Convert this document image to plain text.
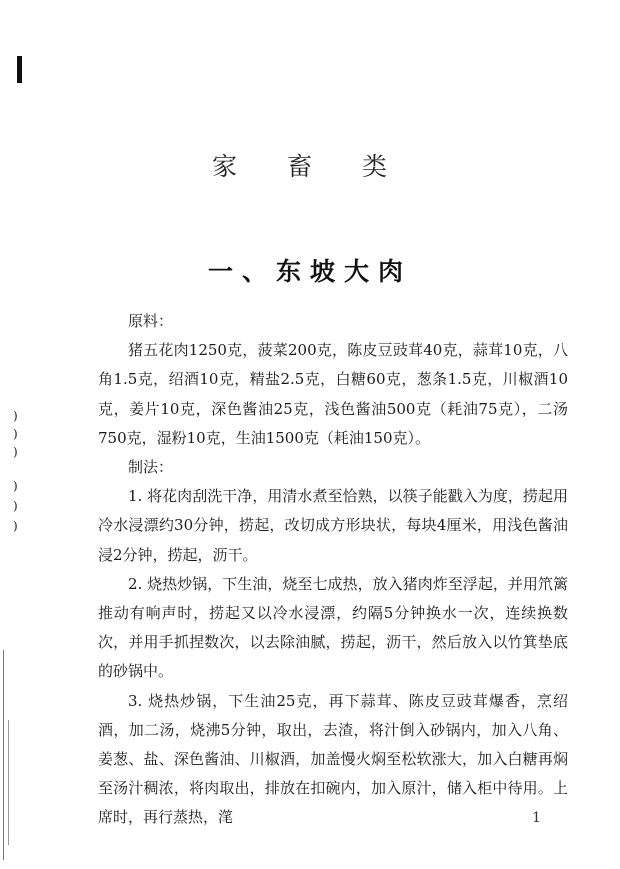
)
)
)
)
)
)
家 畜 类
一、东坡大肉

原料：

猪五花肉1250克，菠菜200克，陈皮豆豉茸40克，蒜茸10克，八角1.5克，绍酒10克，精盐2.5克，白糖60克，葱条1.5克，川椒酒10克，姜片10克，深色酱油25克，浅色酱油500克（耗油75克），二汤750克，湿粉10克，生油1500克（耗油150克）。

制法：

1. 将花肉刮洗干净，用清水煮至恰熟，以筷子能戳入为度，捞起用冷水浸漂约30分钟，捞起，改切成方形块状，每块4厘米，用浅色酱油浸2分钟，捞起，沥干。

2. 烧热炒锅，下生油，烧至七成热，放入猪肉炸至浮起，并用笊篱推动有响声时，捞起又以冷水浸漂，约隔5分钟换水一次，连续换数次，并用手抓捏数次，以去除油腻，捞起，沥干，然后放入以竹箕垫底的砂锅中。

3. 烧热炒锅，下生油25克，再下蒜茸、陈皮豆豉茸爆香，烹绍酒，加二汤，烧沸5分钟，取出，去渣，将汁倒入砂锅内，加入八角、姜葱、盐、深色酱油、川椒酒，加盖慢火焖至松软涨大，加入白糖再焖至汤汁稠浓，将肉取出，排放在扣碗内，加入原汁，储入柜中待用。上席时，再行蒸热，滗	1
